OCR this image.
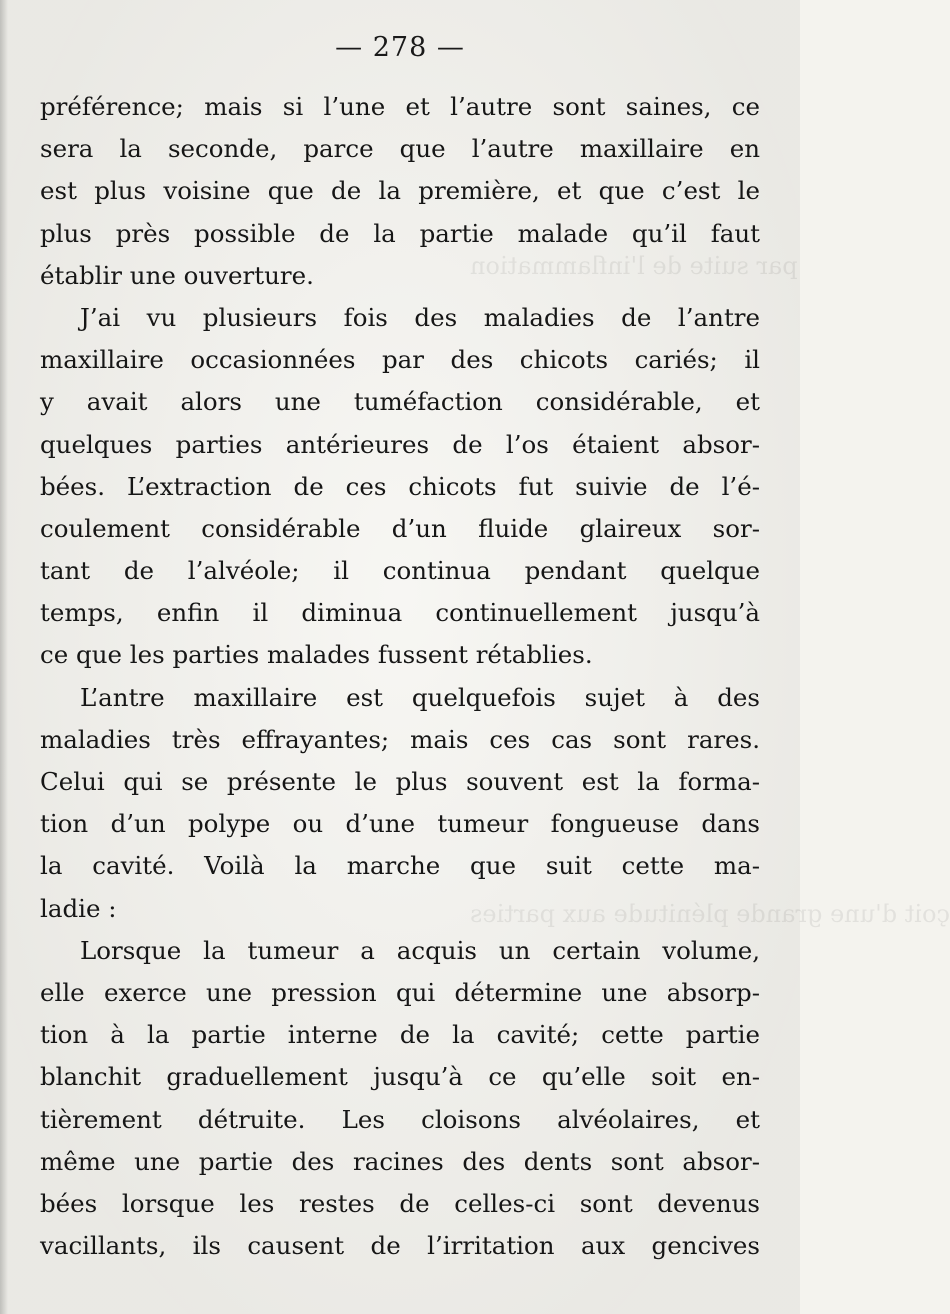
par suite de l'inflammation
çoit d'une grande plénitude aux parties
— 278 —
préférence; mais si l’une et l’autre sont saines, ce
sera la seconde, parce que l’autre maxillaire en
est plus voisine que de la première, et que c’est le
plus près possible de la partie malade qu’il faut
établir une ouverture.
J’ai vu plusieurs fois des maladies de l’antre
maxillaire occasionnées par des chicots cariés; il
y avait alors une tuméfaction considérable, et
quelques parties antérieures de l’os étaient absor-
bées. L’extraction de ces chicots fut suivie de l’é-
coulement considérable d’un fluide glaireux sor-
tant de l’alvéole; il continua pendant quelque
temps, enfin il diminua continuellement jusqu’à
ce que les parties malades fussent rétablies.
L’antre maxillaire est quelquefois sujet à des
maladies très effrayantes; mais ces cas sont rares.
Celui qui se présente le plus souvent est la forma-
tion d’un polype ou d’une tumeur fongueuse dans
la cavité. Voilà la marche que suit cette ma-
ladie :
Lorsque la tumeur a acquis un certain volume,
elle exerce une pression qui détermine une absorp-
tion à la partie interne de la cavité; cette partie
blanchit graduellement jusqu’à ce qu’elle soit en-
tièrement détruite. Les cloisons alvéolaires, et
même une partie des racines des dents sont absor-
bées lorsque les restes de celles-ci sont devenus
vacillants, ils causent de l’irritation aux gencives
